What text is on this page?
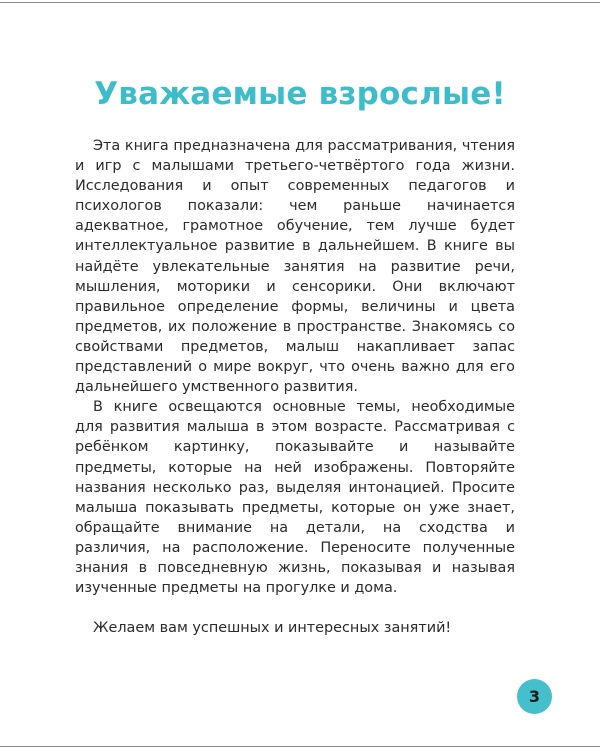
Уважаемые взрослые!

Эта книга предназначена для рассматривания, чтения и игр с малышами третьего-четвёртого года жизни. Исследования и опыт современных педагогов и психологов показали: чем раньше начинается адекватное, грамотное обучение, тем лучше будет интеллектуальное развитие в дальнейшем. В книге вы найдёте увлекательные занятия на развитие речи, мышления, моторики и сенсорики. Они включают правильное определение формы, величины и цвета предметов, их положение в пространстве. Знакомясь со свойствами предметов, малыш накапливает запас представлений о мире вокруг, что очень важно для его дальнейшего умственного развития.

В книге освещаются основные темы, необходимые для развития малыша в этом возрасте. Рассматривая с ребёнком картинку, показывайте и называйте предметы, которые на ней изображены. Повторяйте названия несколько раз, выделяя интонацией. Просите малыша показывать предметы, которые он уже знает, обращайте внимание на детали, на сходства и различия, на расположение. Переносите полученные знания в повседневную жизнь, показывая и называя изученные предметы на прогулке и дома.

Желаем вам успешных и интересных занятий!

3
